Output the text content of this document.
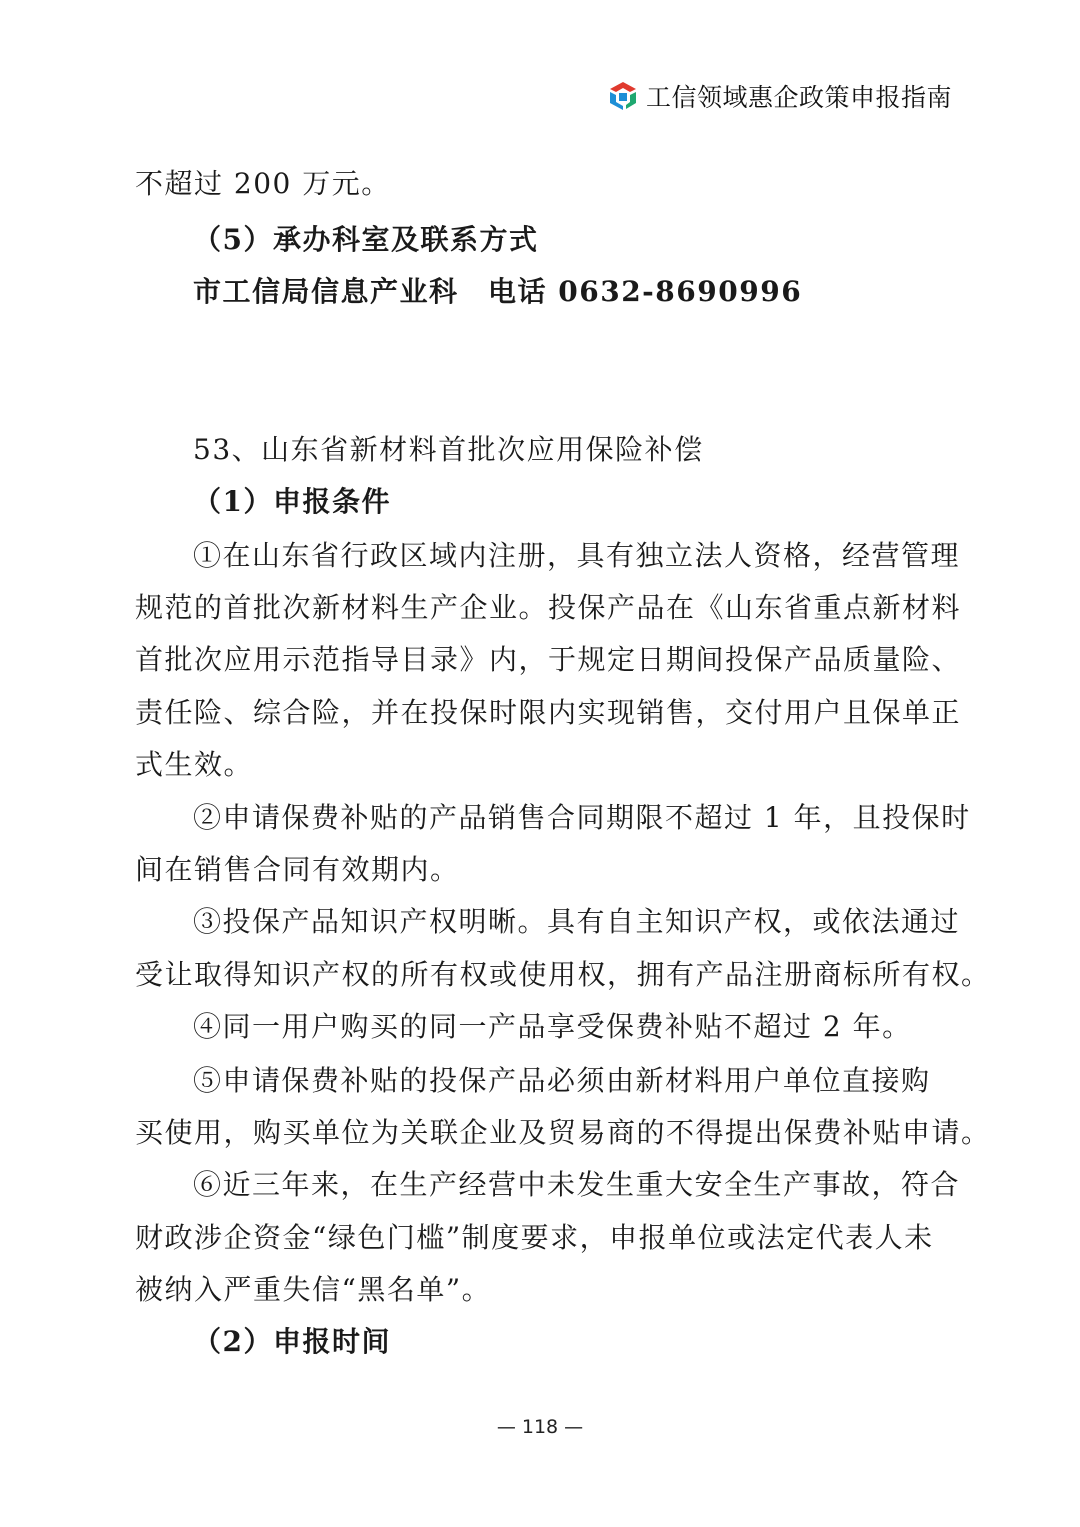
工信领域惠企政策申报指南
不超过 200 万元。
（5）承办科室及联系方式
市工信局信息产业科　电话 0632-8690996
53、山东省新材料首批次应用保险补偿
（1）申报条件
①在山东省行政区域内注册，具有独立法人资格，经营管理
规范的首批次新材料生产企业。投保产品在《山东省重点新材料
首批次应用示范指导目录》内，于规定日期间投保产品质量险、
责任险、综合险，并在投保时限内实现销售，交付用户且保单正
式生效。
②申请保费补贴的产品销售合同期限不超过 1 年，且投保时
间在销售合同有效期内。
③投保产品知识产权明晰。具有自主知识产权，或依法通过
受让取得知识产权的所有权或使用权，拥有产品注册商标所有权。
④同一用户购买的同一产品享受保费补贴不超过 2 年。
⑤申请保费补贴的投保产品必须由新材料用户单位直接购
买使用，购买单位为关联企业及贸易商的不得提出保费补贴申请。
⑥近三年来，在生产经营中未发生重大安全生产事故，符合
财政涉企资金“绿色门槛”制度要求，申报单位或法定代表人未
被纳入严重失信“黑名单”。
（2）申报时间
— 118 —
